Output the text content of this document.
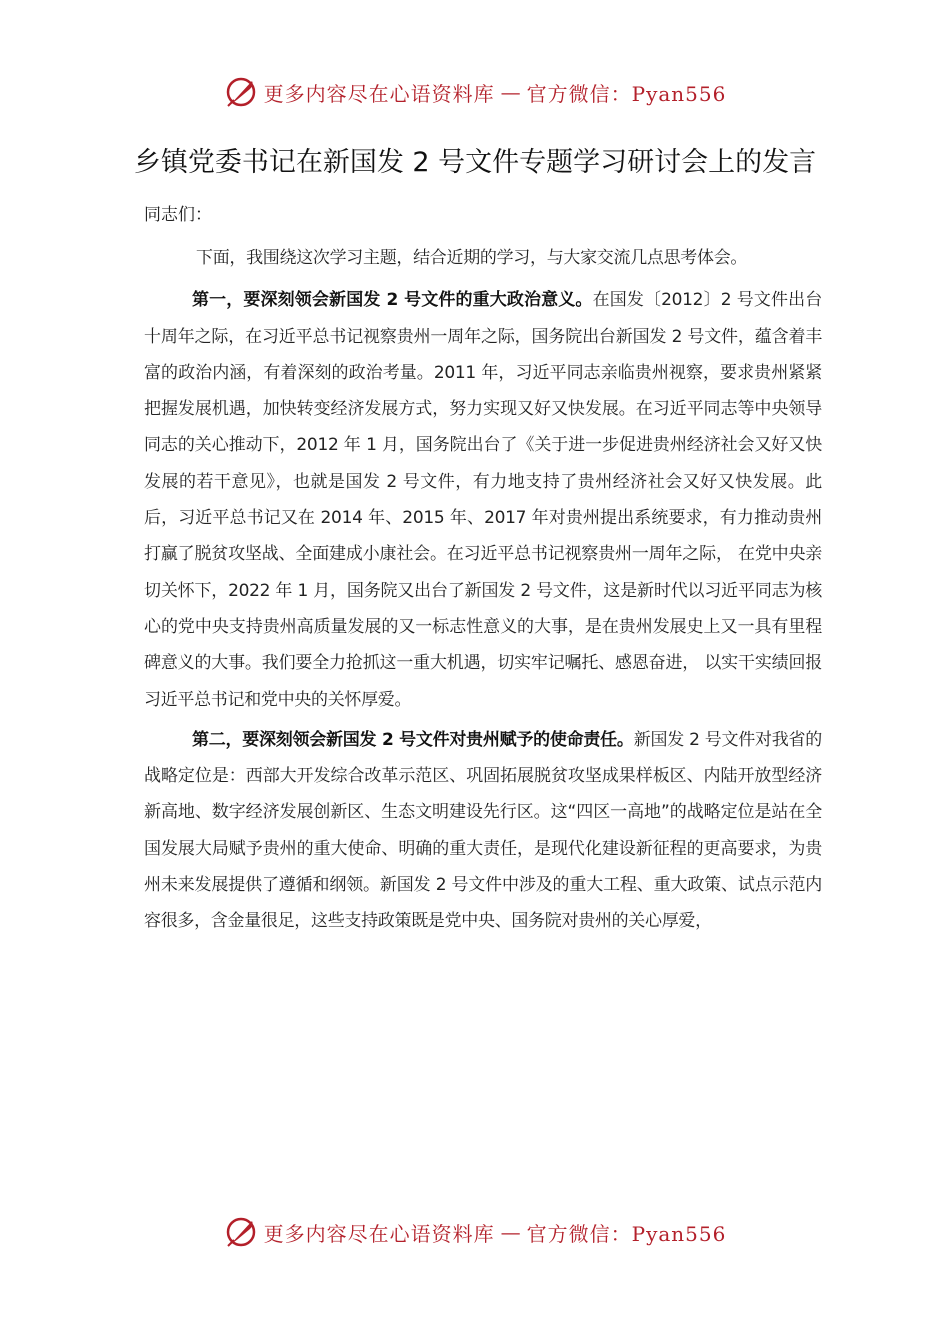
更多内容尽在心语资料库 — 官方微信：Pyan556
乡镇党委书记在新国发 2 号文件专题学习研讨会上的发言
同志们：

下面，我围绕这次学习主题，结合近期的学习，与大家交流几点思考体会。

第一，要深刻领会新国发 2 号文件的重大政治意义。在国发〔2012〕2 号文件出台十周年之际，在习近平总书记视察贵州一周年之际，国务院出台新国发 2 号文件，蕴含着丰富的政治内涵，有着深刻的政治考量。2011 年，习近平同志亲临贵州视察，要求贵州紧紧把握发展机遇，加快转变经济发展方式，努力实现又好又快发展。在习近平同志等中央领导同志的关心推动下，2012 年 1 月，国务院出台了《关于进一步促进贵州经济社会又好又快发展的若干意见》，也就是国发 2 号文件，有力地支持了贵州经济社会又好又快发展。此后，习近平总书记又在 2014 年、2015 年、2017 年对贵州提出系统要求，有力推动贵州打赢了脱贫攻坚战、全面建成小康社会。在习近平总书记视察贵州一周年之际， 在党中央亲切关怀下，2022 年 1 月，国务院又出台了新国发 2 号文件，这是新时代以习近平同志为核心的党中央支持贵州高质量发展的又一标志性意义的大事，是在贵州发展史上又一具有里程碑意义的大事。我们要全力抢抓这一重大机遇，切实牢记嘱托、感恩奋进， 以实干实绩回报习近平总书记和党中央的关怀厚爱。

第二，要深刻领会新国发 2 号文件对贵州赋予的使命责任。新国发 2 号文件对我省的战略定位是：西部大开发综合改革示范区、巩固拓展脱贫攻坚成果样板区、内陆开放型经济新高地、数字经济发展创新区、生态文明建设先行区。这“四区一高地”的战略定位是站在全国发展大局赋予贵州的重大使命、明确的重大责任，是现代化建设新征程的更高要求，为贵州未来发展提供了遵循和纲领。新国发 2 号文件中涉及的重大工程、重大政策、试点示范内容很多，含金量很足，这些支持政策既是党中央、国务院对贵州的关心厚爱，

更多内容尽在心语资料库 — 官方微信：Pyan556
